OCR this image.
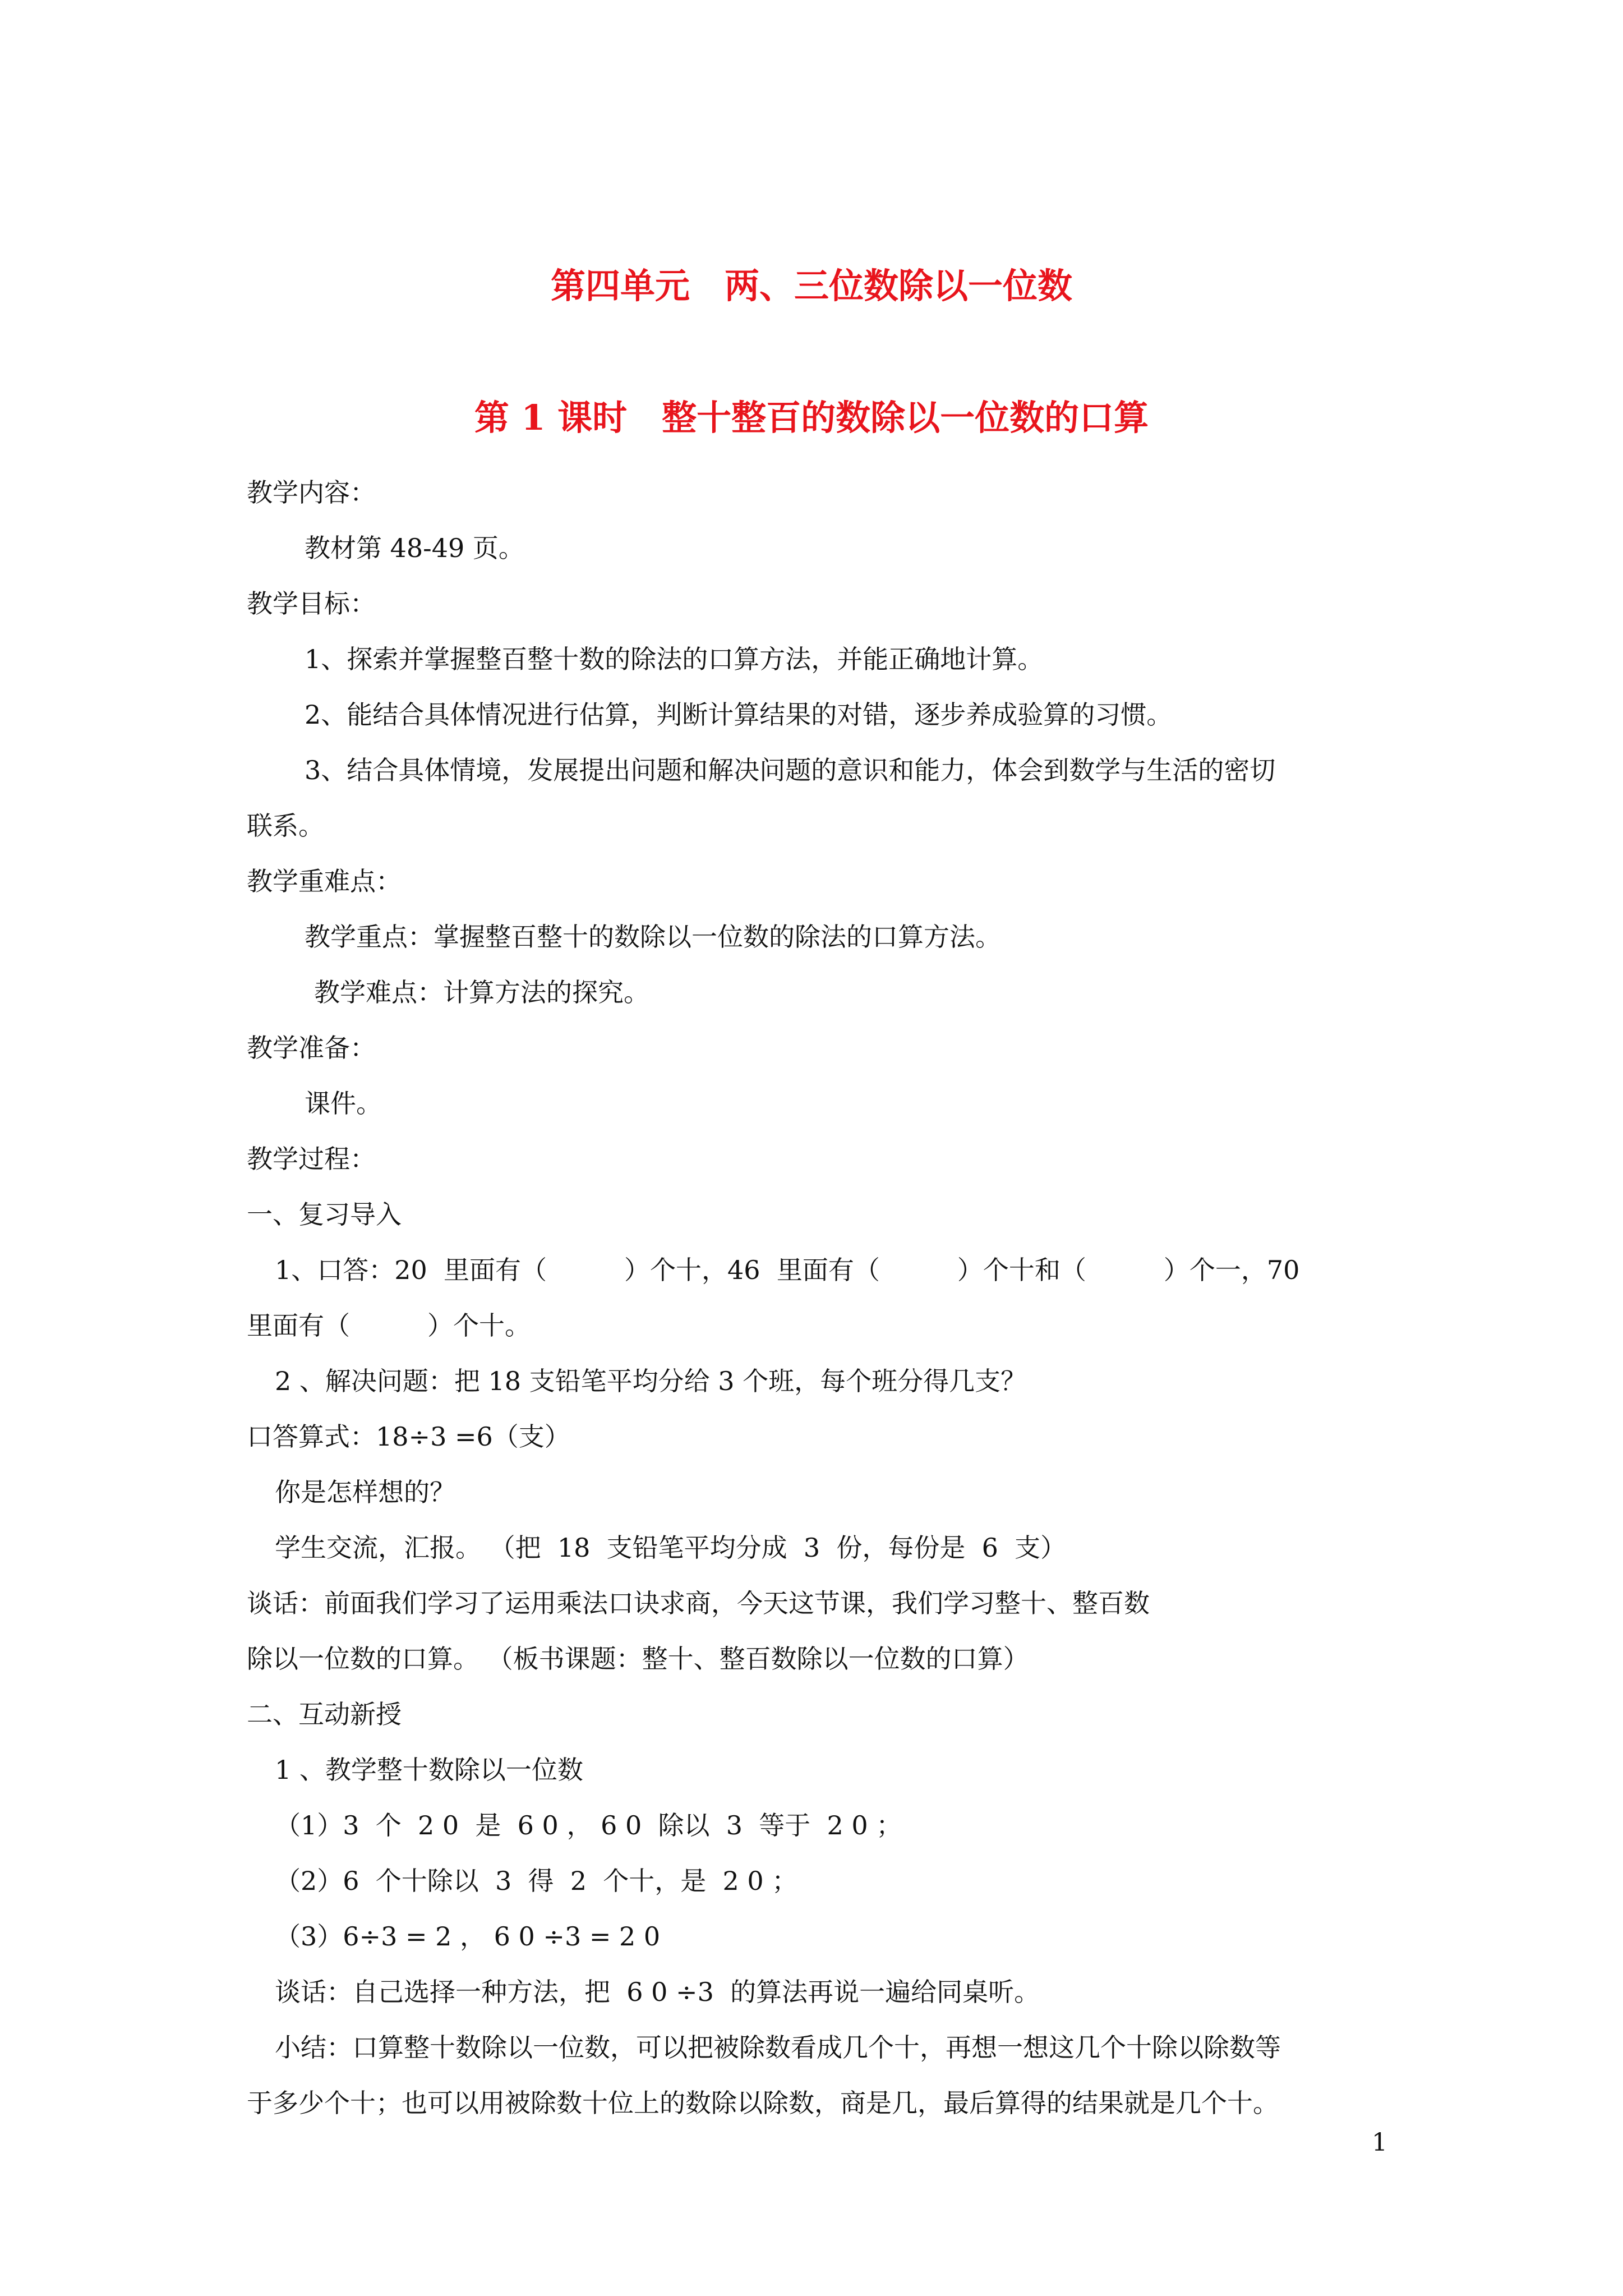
第四单元　两、三位数除以一位数
第 1 课时　整十整百的数除以一位数的口算
教学内容：
教材第 48-49 页。
教学目标：
1、探索并掌握整百整十数的除法的口算方法，并能正确地计算。
2、能结合具体情况进行估算，判断计算结果的对错，逐步养成验算的习惯。
3、结合具体情境，发展提出问题和解决问题的意识和能力，体会到数学与生活的密切
联系。
教学重难点：
教学重点：掌握整百整十的数除以一位数的除法的口算方法。
教学难点：计算方法的探究。
教学准备：
课件。
教学过程：
一、复习导入
1、口答：20  里面有（　　　）个十，46  里面有（　　　）个十和（　　　）个一，70
里面有（　　　）个十。
2 、解决问题：把 18 支铅笔平均分给 3 个班，每个班分得几支？
口答算式：18÷3 =6（支）
你是怎样想的？
学生交流，汇报。 （把  18  支铅笔平均分成  3  份，每份是  6  支）
谈话：前面我们学习了运用乘法口诀求商，今天这节课，我们学习整十、整百数
除以一位数的口算。 （板书课题：整十、整百数除以一位数的口算）
二、互动新授
1 、教学整十数除以一位数
（1）3  个  2 0  是  6 0 ， 6 0  除以  3  等于  2 0 ；
（2）6  个十除以  3  得  2  个十，是  2 0 ；
（3）6÷3 = 2 ， 6 0 ÷3 = 2 0
谈话：自己选择一种方法，把  6 0 ÷3  的算法再说一遍给同桌听。
小结：口算整十数除以一位数，可以把被除数看成几个十，再想一想这几个十除以除数等
于多少个十；也可以用被除数十位上的数除以除数，商是几，最后算得的结果就是几个十。
1
